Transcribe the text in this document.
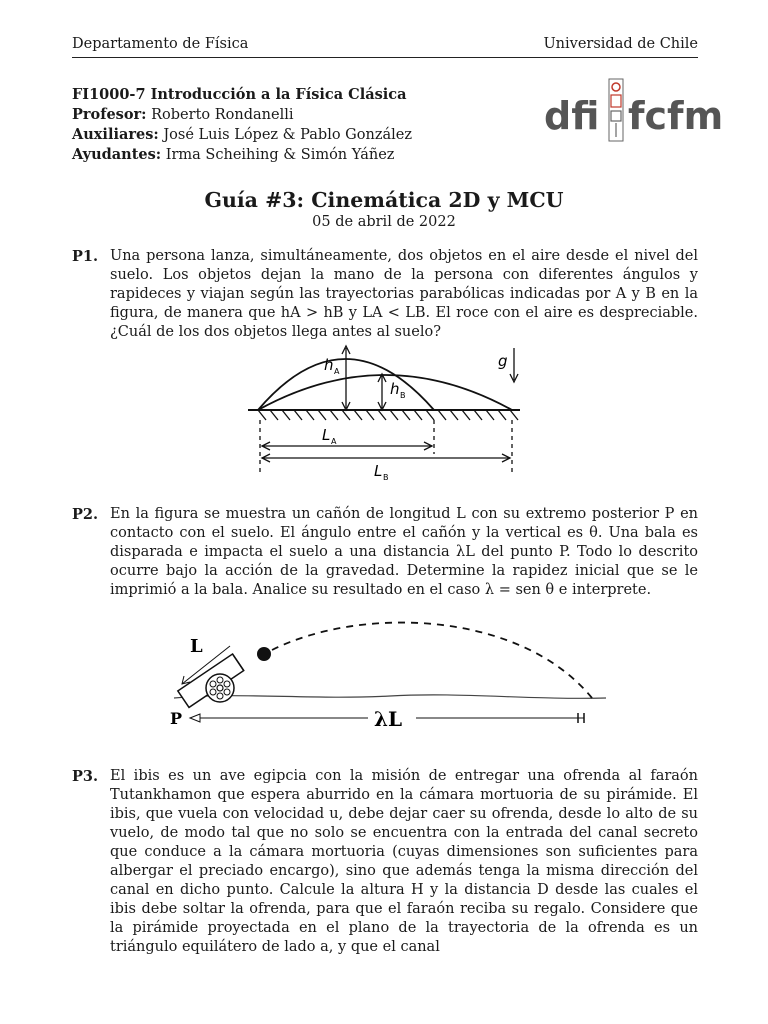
Departamento de Física	Universidad de Chile
FI1000-7 Introducción a la Física Clásica
Profesor: Roberto Rondanelli
Auxiliares: José Luis López & Pablo González
Ayudantes: Irma Scheihing & Simón Yáñez
dfi fcfm
Guía #3: Cinemática 2D y MCU
05 de abril de 2022
P1. Una persona lanza, simultáneamente, dos objetos en el aire desde el nivel del suelo. Los objetos dejan la mano de la persona con diferentes ángulos y rapideces y viajan según las trayectorias parabólicas indicadas por A y B en la figura, de manera que hA > hB y LA < LB. El roce con el aire es despreciable. ¿Cuál de los dos objetos llega antes al suelo?
h A
h B
g
L A
L B
P2. En la figura se muestra un cañón de longitud L con su extremo posterior P en contacto con el suelo. El ángulo entre el cañón y la vertical es θ. Una bala es disparada e impacta el suelo a una distancia λL del punto P. Todo lo descrito ocurre bajo la acción de la gravedad. Determine la rapidez inicial que se le imprimió a la bala. Analice su resultado en el caso λ = sen θ e interprete.
L
P	λL
P3. El ibis es un ave egipcia con la misión de entregar una ofrenda al faraón Tutankhamon que espera aburrido en la cámara mortuoria de su pirámide. El ibis, que vuela con velocidad u, debe dejar caer su ofrenda, desde lo alto de su vuelo, de modo tal que no solo se encuentra con la entrada del canal secreto que conduce a la cámara mortuoria (cuyas dimensiones son suficientes para albergar el preciado encargo), sino que además tenga la misma dirección del canal en dicho punto. Calcule la altura H y la distancia D desde las cuales el ibis debe soltar la ofrenda, para que el faraón reciba su regalo. Considere que la pirámide proyectada en el plano de la trayectoria de la ofrenda es un triángulo equilátero de lado a, y que el canal
